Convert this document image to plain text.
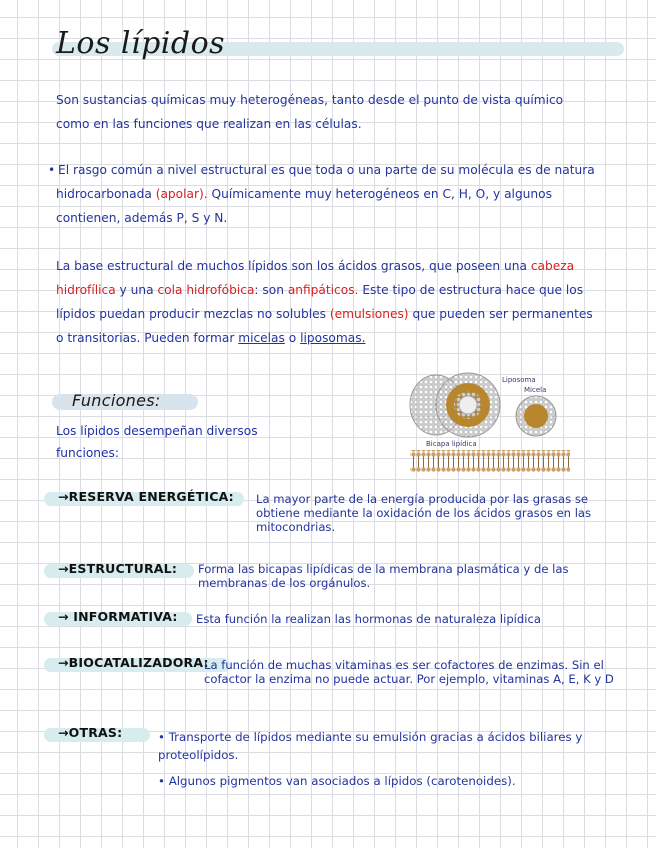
Los lípidos
Son sustancias químicas muy heterogéneas, tanto desde el punto de vista químico como en las funciones que realizan en las células.
• El rasgo común a nivel estructural es que toda o una parte de su molécula es de natura hidrocarbonada (apolar). Químicamente muy heterogéneos en C, H, O, y algunos contienen, además P, S y N.
La base estructural de muchos lípidos son los ácidos grasos, que poseen una cabeza hidrofílica y una cola hidrofóbica: son anfipáticos. Este tipo de estructura hace que los lípidos puedan producir mezclas no solubles (emulsiones) que pueden ser permanentes o transitorias. Pueden formar micelas o liposomas.
Funciones:
Los lípidos desempeñan diversos funciones:
Liposoma
Micela
Bicapa lipídica
→RESERVA ENERGÉTICA: La mayor parte de la energía producida por las grasas se obtiene mediante la oxidación de los ácidos grasos en las mitocondrias.
→ESTRUCTURAL: Forma las bicapas lipídicas de la membrana plasmática y de las membranas de los orgánulos.
→ INFORMATIVA: Esta función la realizan las hormonas de naturaleza lipídica
→BIOCATALIZADORA:
La función de muchas vitaminas es ser cofactores de enzimas. Sin el cofactor la enzima no puede actuar. Por ejemplo, vitaminas A, E, K y D
→OTRAS:	• Transporte de lípidos mediante su emulsión gracias a ácidos biliares y proteolípidos.
• Algunos pigmentos van asociados a lípidos (carotenoides).
